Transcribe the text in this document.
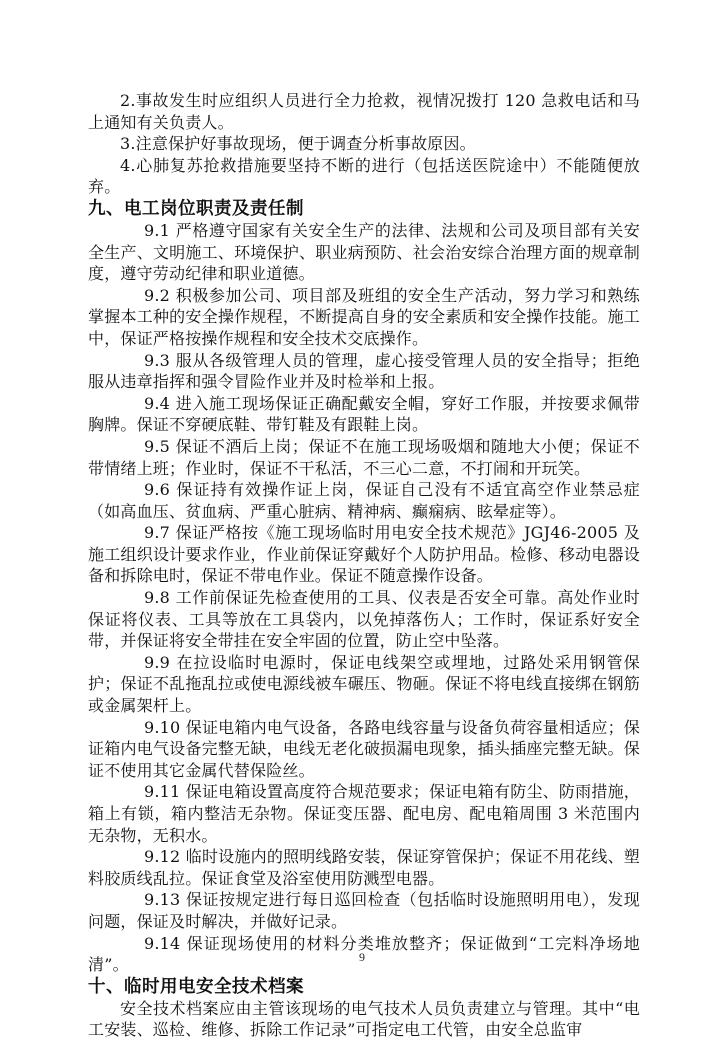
2.事故发生时应组织人员进行全力抢救，视情况拨打 120 急救电话和马上通知有关负责人。

3.注意保护好事故现场，便于调查分析事故原因。

4.心肺复苏抢救措施要坚持不断的进行（包括送医院途中）不能随便放弃。

九、电工岗位职责及责任制

9.1 严格遵守国家有关安全生产的法律、法规和公司及项目部有关安全生产、文明施工、环境保护、职业病预防、社会治安综合治理方面的规章制度，遵守劳动纪律和职业道德。

9.2 积极参加公司、项目部及班组的安全生产活动，努力学习和熟练掌握本工种的安全操作规程，不断提高自身的安全素质和安全操作技能。施工中，保证严格按操作规程和安全技术交底操作。

9.3 服从各级管理人员的管理，虚心接受管理人员的安全指导；拒绝服从违章指挥和强令冒险作业并及时检举和上报。

9.4 进入施工现场保证正确配戴安全帽，穿好工作服，并按要求佩带胸牌。保证不穿硬底鞋、带钉鞋及有跟鞋上岗。

9.5 保证不酒后上岗；保证不在施工现场吸烟和随地大小便；保证不带情绪上班；作业时，保证不干私活，不三心二意，不打闹和开玩笑。

9.6 保证持有效操作证上岗，保证自己没有不适宜高空作业禁忌症（如高血压、贫血病、严重心脏病、精神病、癫痫病、眩晕症等）。

9.7 保证严格按《施工现场临时用电安全技术规范》JGJ46-2005 及施工组织设计要求作业，作业前保证穿戴好个人防护用品。检修、移动电器设备和拆除电时，保证不带电作业。保证不随意操作设备。

9.8 工作前保证先检查使用的工具、仪表是否安全可靠。高处作业时保证将仪表、工具等放在工具袋内，以免掉落伤人；工作时，保证系好安全带，并保证将安全带挂在安全牢固的位置，防止空中坠落。

9.9 在拉设临时电源时，保证电线架空或埋地，过路处采用钢管保护；保证不乱拖乱拉或使电源线被车碾压、物砸。保证不将电线直接绑在钢筋或金属架杆上。

9.10 保证电箱内电气设备，各路电线容量与设备负荷容量相适应；保证箱内电气设备完整无缺，电线无老化破损漏电现象，插头插座完整无缺。保证不使用其它金属代替保险丝。

9.11 保证电箱设置高度符合规范要求；保证电箱有防尘、防雨措施，箱上有锁，箱内整洁无杂物。保证变压器、配电房、配电箱周围 3 米范围内无杂物，无积水。

9.12 临时设施内的照明线路安装，保证穿管保护；保证不用花线、塑料胶质线乱拉。保证食堂及浴室使用防溅型电器。

9.13 保证按规定进行每日巡回检查（包括临时设施照明用电），发现问题，保证及时解决，并做好记录。

9.14 保证现场使用的材料分类堆放整齐；保证做到“工完料净场地清”。

十、临时用电安全技术档案

安全技术档案应由主管该现场的电气技术人员负责建立与管理。其中“电工安装、巡检、维修、拆除工作记录”可指定电工代管，由安全总监审

9
